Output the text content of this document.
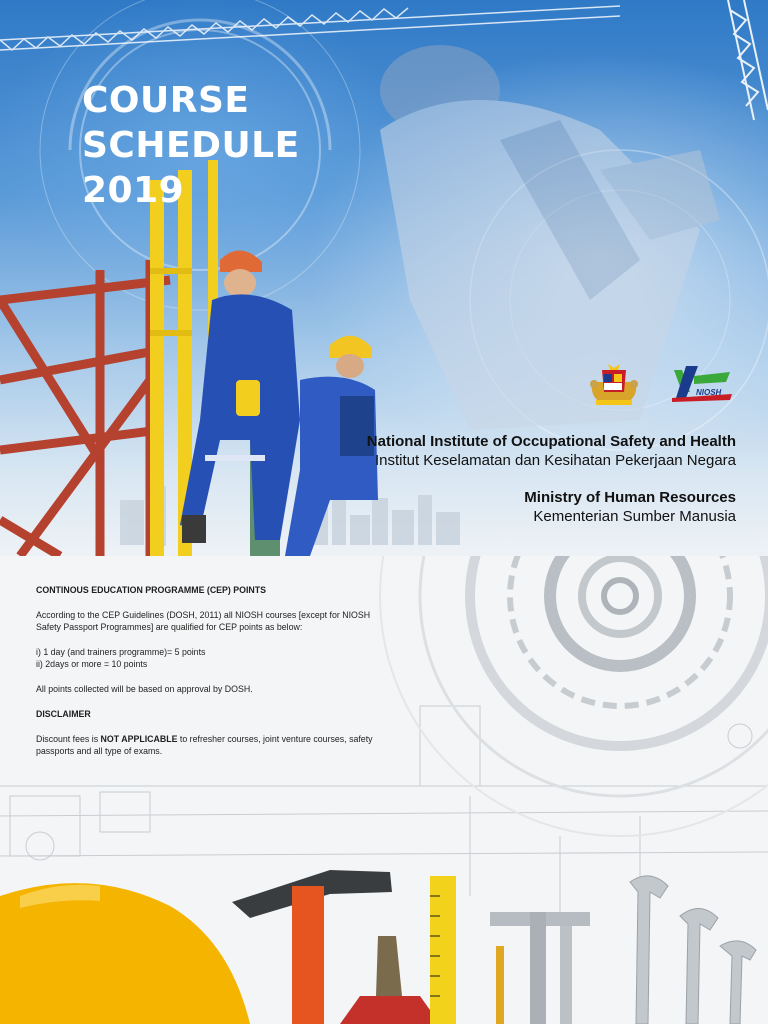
COURSE
SCHEDULE
2019
NIOSH
National Institute of Occupational Safety and Health
Institut Keselamatan dan Kesihatan Pekerjaan Negara
Ministry of Human Resources
Kementerian Sumber Manusia
CONTINOUS EDUCATION PROGRAMME (CEP) POINTS

According to the CEP Guidelines (DOSH, 2011) all NIOSH courses [except for NIOSH Safety Passport Programmes] are qualified for CEP points as below:

i) 1 day (and trainers programme)= 5 points
ii) 2days or more = 10 points

All points collected will be based on approval by DOSH.

DISCLAIMER

Discount fees is NOT APPLICABLE to refresher courses, joint venture courses, safety passports and all type of exams.
